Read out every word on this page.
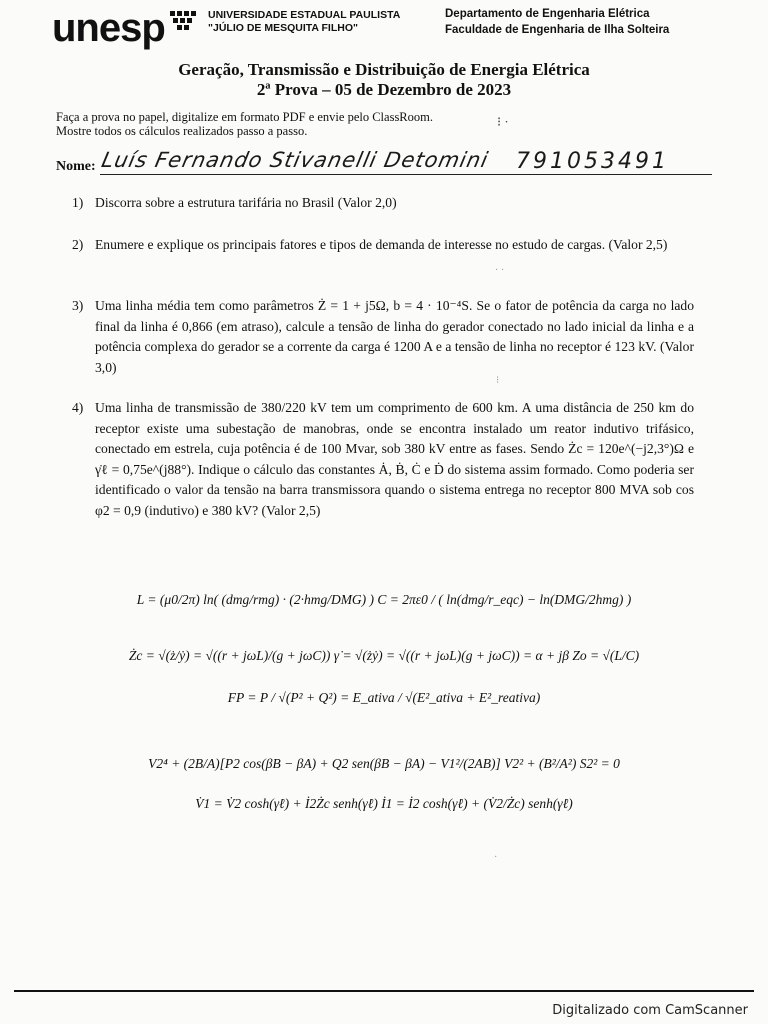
unesp	UNIVERSIDADE ESTADUAL PAULISTA
"JÚLIO DE MESQUITA FILHO"
Departamento de Engenharia Elétrica
Faculdade de Engenharia de Ilha Solteira
Geração, Transmissão e Distribuição de Energia Elétrica
2ª Prova – 05 de Dezembro de 2023
Faça a prova no papel, digitalize em formato PDF e envie pelo ClassRoom.
Mostre todos os cálculos realizados passo a passo.
⁝ ·
Nome: Luís Fernando Stivanelli Detomini 791053491
1) Discorra sobre a estrutura tarifária no Brasil (Valor 2,0)
2) Enumere e explique os principais fatores e tipos de demanda de interesse no estudo de cargas. (Valor 2,5)
3) Uma linha média tem como parâmetros Ż = 1 + j5Ω, b = 4 · 10⁻⁴S. Se o fator de potência da carga no lado final da linha é 0,866 (em atraso), calcule a tensão de linha do gerador conectado no lado inicial da linha e a potência complexa do gerador se a corrente da carga é 1200 A e a tensão de linha no receptor é 123 kV. (Valor 3,0)
4) Uma linha de transmissão de 380/220 kV tem um comprimento de 600 km. A uma distância de 250 km do receptor existe uma subestação de manobras, onde se encontra instalado um reator indutivo trifásico, conectado em estrela, cuja potência é de 100 Mvar, sob 380 kV entre as fases. Sendo Żc = 120e^(−j2,3°)Ω e γ̇ℓ = 0,75e^(j88°). Indique o cálculo das constantes Ȧ, Ḃ, Ċ e Ḋ do sistema assim formado. Como poderia ser identificado o valor da tensão na barra transmissora quando o sistema entrega no receptor 800 MVA sob cos φ2 = 0,9 (indutivo) e 380 kV? (Valor 2,5)
L = (μ0/2π) ln( (dmg/rmg) · (2·hmg/DMG) ) C = 2πε0 / ( ln(dmg/r_eqc) − ln(DMG/2hmg) )
Żc = √(ż/ẏ) = √((r + jωL)/(g + jωC)) γ̇ = √(żẏ) = √((r + jωL)(g + jωC)) = α + jβ Zo = √(L/C)
FP = P / √(P² + Q²) = E_ativa / √(E²_ativa + E²_reativa)
V2⁴ + (2B/A)[P2 cos(βB − βA) + Q2 sen(βB − βA) − V1²/(2AB)] V2² + (B²/A²) S2² = 0
V̇1 = V̇2 cosh(γ̇ℓ) + İ2Żc senh(γ̇ℓ) İ1 = İ2 cosh(γ̇ℓ) + (V̇2/Żc) senh(γ̇ℓ)
· ·
⁝
·
Digitalizado com CamScanner
